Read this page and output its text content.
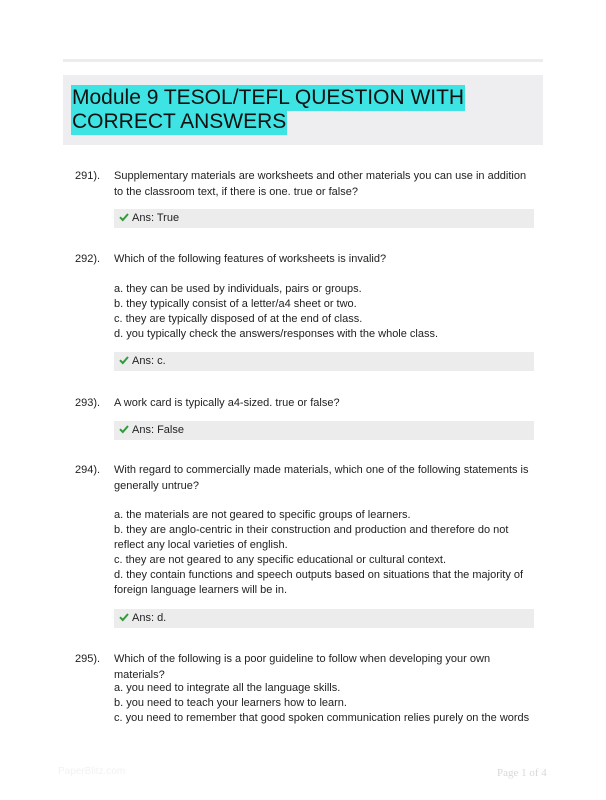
Module 9 TESOL/TEFL QUESTION WITH
CORRECT ANSWERS
291). Supplementary materials are worksheets and other materials you can use in addition to the classroom text, if there is one. true or false?
Ans: True
292). Which of the following features of worksheets is invalid?
a. they can be used by individuals, pairs or groups.
b. they typically consist of a letter/a4 sheet or two.
c. they are typically disposed of at the end of class.
d. you typically check the answers/responses with the whole class.
Ans: c.
293). A work card is typically a4-sized. true or false?
Ans: False
294). With regard to commercially made materials, which one of the following statements is generally untrue?
a. the materials are not geared to specific groups of learners.
b. they are anglo-centric in their construction and production and therefore do not reflect any local varieties of english.
c. they are not geared to any specific educational or cultural context.
d. they contain functions and speech outputs based on situations that the majority of foreign language learners will be in.
Ans: d.
295). Which of the following is a poor guideline to follow when developing your own materials?
a. you need to integrate all the language skills.
b. you need to teach your learners how to learn.
c. you need to remember that good spoken communication relies purely on the words
PaperBlitz.com	Page 1 of 4
